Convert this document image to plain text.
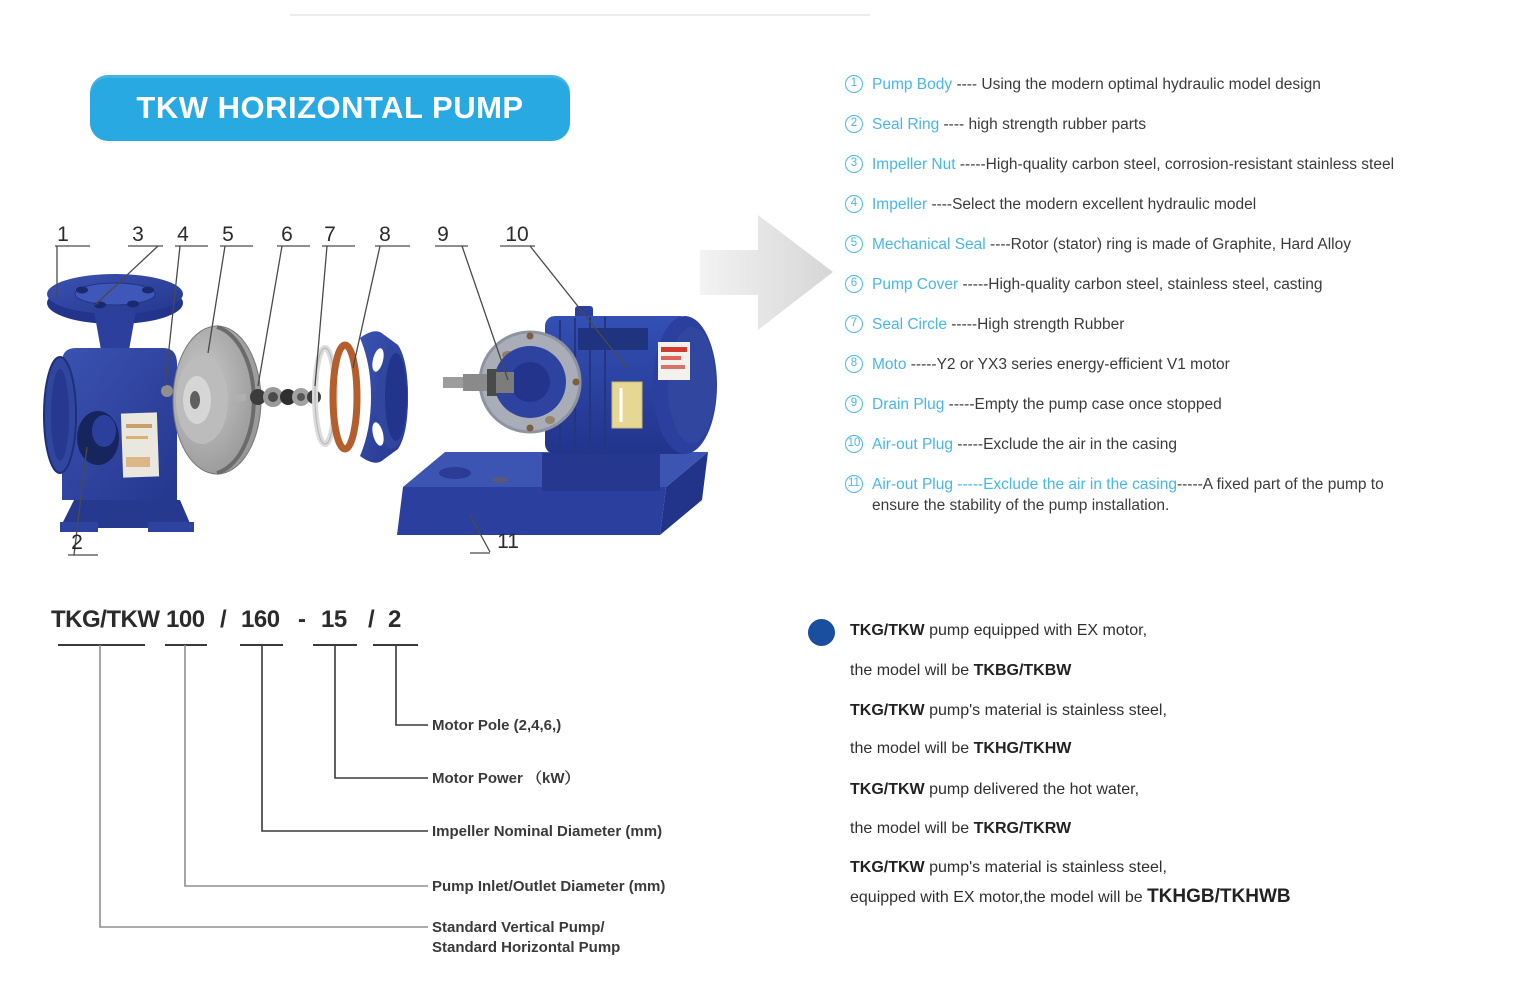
TKW HORIZONTAL PUMP
1	3 4 5 6 7 8 9	10
2	11
1 Pump Body ---- Using the modern optimal hydraulic model design
2 Seal Ring ---- high strength rubber parts
3 Impeller Nut -----High-quality carbon steel, corrosion-resistant stainless steel
4 Impeller ----Select the modern excellent hydraulic model
5 Mechanical Seal ----Rotor (stator) ring is made of Graphite, Hard Alloy
6 Pump Cover -----High-quality carbon steel, stainless steel, casting
7 Seal Circle -----High strength Rubber
8 Moto -----Y2 or YX3 series energy-efficient V1 motor
9 Drain Plug -----Empty the pump case once stopped
10 Air-out Plug -----Exclude the air in the casing
11 Air-out Plug -----Exclude the air in the casing-----A fixed part of the pump to
ensure the stability of the pump installation.
TKG/TKW 100 / 160 - 15 / 2
Motor Pole (2,4,6,)
Motor Power （kW）
Impeller Nominal Diameter (mm)
Pump Inlet/Outlet Diameter (mm)
Standard Vertical Pump/
Standard Horizontal Pump
TKG/TKW pump equipped with EX motor,
the model will be TKBG/TKBW
TKG/TKW pump's material is stainless steel,
the model will be TKHG/TKHW
TKG/TKW pump delivered the hot water,
the model will be TKRG/TKRW
TKG/TKW pump's material is stainless steel,
equipped with EX motor,the model will be TKHGB/TKHWB
